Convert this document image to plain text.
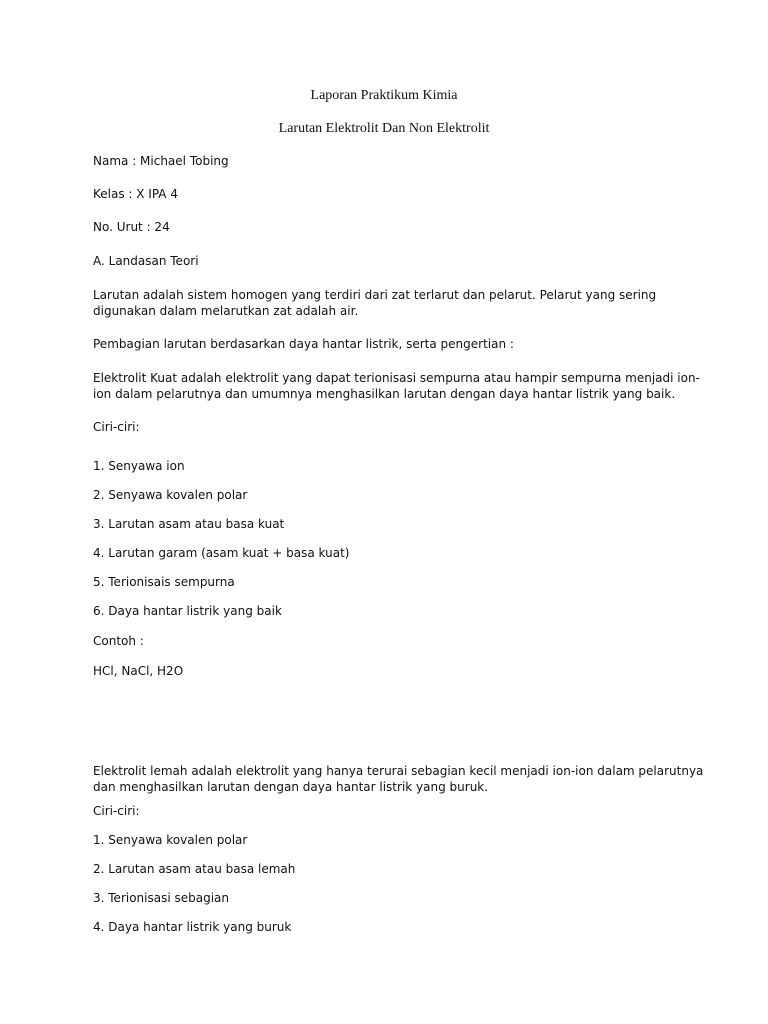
Laporan Praktikum Kimia
Larutan Elektrolit Dan Non Elektrolit

Nama : Michael Tobing

Kelas : X IPA 4

No. Urut : 24

A. Landasan Teori

Larutan adalah sistem homogen yang terdiri dari zat terlarut dan pelarut. Pelarut yang sering

digunakan dalam melarutkan zat adalah air.

Pembagian larutan berdasarkan daya hantar listrik, serta pengertian :

Elektrolit Kuat adalah elektrolit yang dapat terionisasi sempurna atau hampir sempurna menjadi ion-

ion dalam pelarutnya dan umumnya menghasilkan larutan dengan daya hantar listrik yang baik.

Ciri-ciri:

1. Senyawa ion

2. Senyawa kovalen polar

3. Larutan asam atau basa kuat

4. Larutan garam (asam kuat + basa kuat)

5. Terionisais sempurna

6. Daya hantar listrik yang baik

Contoh :

HCl, NaCl, H2O

Elektrolit lemah adalah elektrolit yang hanya terurai sebagian kecil menjadi ion-ion dalam pelarutnya

dan menghasilkan larutan dengan daya hantar listrik yang buruk.

Ciri-ciri:

1. Senyawa kovalen polar

2. Larutan asam atau basa lemah

3. Terionisasi sebagian

4. Daya hantar listrik yang buruk
